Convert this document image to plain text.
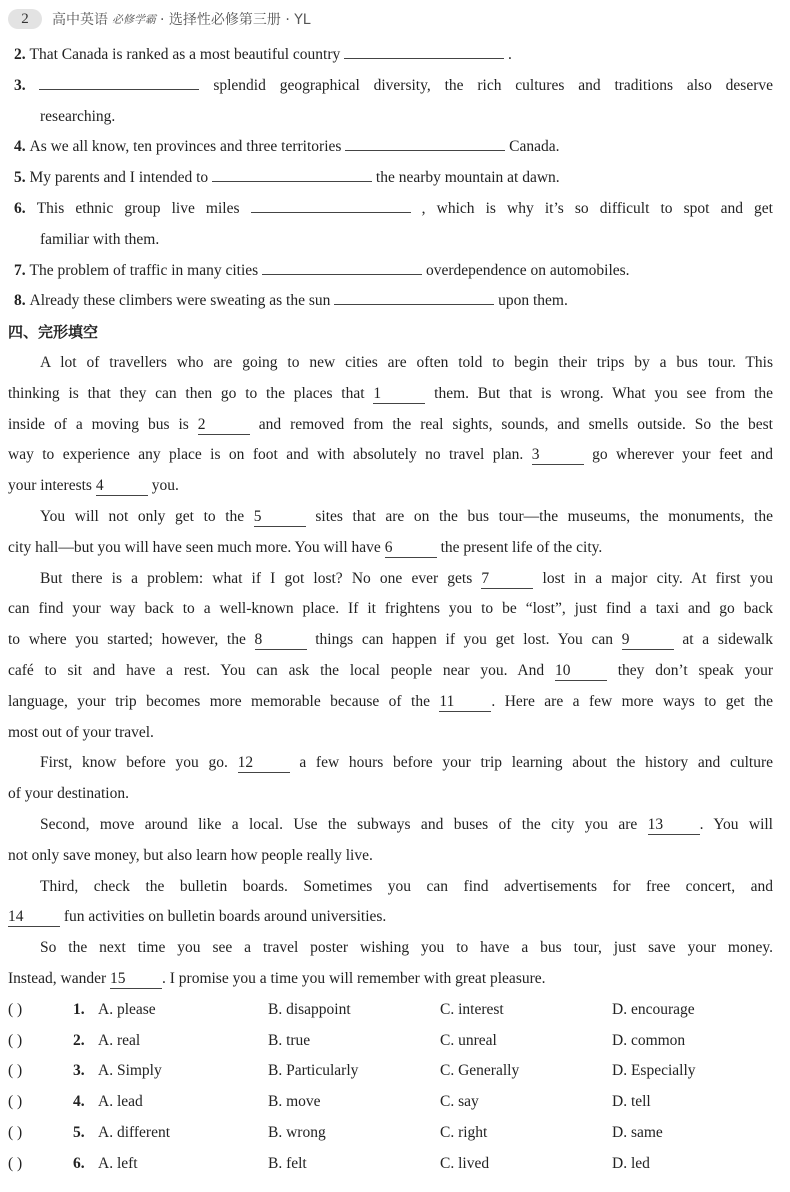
2	高中英语 必修学霸 · 选择性必修第三册 · YL
2. That Canada is ranked as a most beautiful country	.
3.	splendid geographical diversity, the rich cultures and traditions also deserve
researching.
4. As we all know, ten provinces and three territories	Canada.
5. My parents and I intended to	the nearby mountain at dawn.
6. This ethnic group live miles	, which is why it’s so difficult to spot and get
familiar with them.
7. The problem of traffic in many cities	overdependence on automobiles.
8. Already these climbers were sweating as the sun	upon them.
四、完形填空
A lot of travellers who are going to new cities are often told to begin their trips by a bus tour. This
thinking is that they can then go to the places that 1	them. But that is wrong. What you see from the
inside of a moving bus is 2	and removed from the real sights, sounds, and smells outside. So the best
way to experience any place is on foot and with absolutely no travel plan. 3	go wherever your feet and
your interests 4	you.
You will not only get to the 5	sites that are on the bus tour—the museums, the monuments, the
city hall—but you will have seen much more. You will have 6	the present life of the city.
But there is a problem: what if I got lost? No one ever gets 7	lost in a major city. At first you
can find your way back to a well-known place. If it frightens you to be “lost”, just find a taxi and go back
to where you started; however, the 8	things can happen if you get lost. You can 9	at a sidewalk
café to sit and have a rest. You can ask the local people near you. And 10 they don’t speak your
language, your trip becomes more memorable because of the 11 . Here are a few more ways to get the
most out of your travel.
First, know before you go. 12 a few hours before your trip learning about the history and culture
of your destination.
Second, move around like a local. Use the subways and buses of the city you are 13 . You will
not only save money, but also learn how people really live.
Third, check the bulletin boards. Sometimes you can find advertisements for free concert, and
14 fun activities on bulletin boards around universities.
So the next time you see a travel poster wishing you to have a bus tour, just save your money.
Instead, wander 15 . I promise you a time you will remember with great pleasure.
( )	1. A. please	B. disappoint	C. interest	D. encourage
( )	2. A. real	B. true	C. unreal	D. common
( )	3. A. Simply	B. Particularly	C. Generally	D. Especially
( )	4. A. lead	B. move	C. say	D. tell
( )	5. A. different	B. wrong	C. right	D. same
( )	6. A. left	B. felt	C. lived	D. led
